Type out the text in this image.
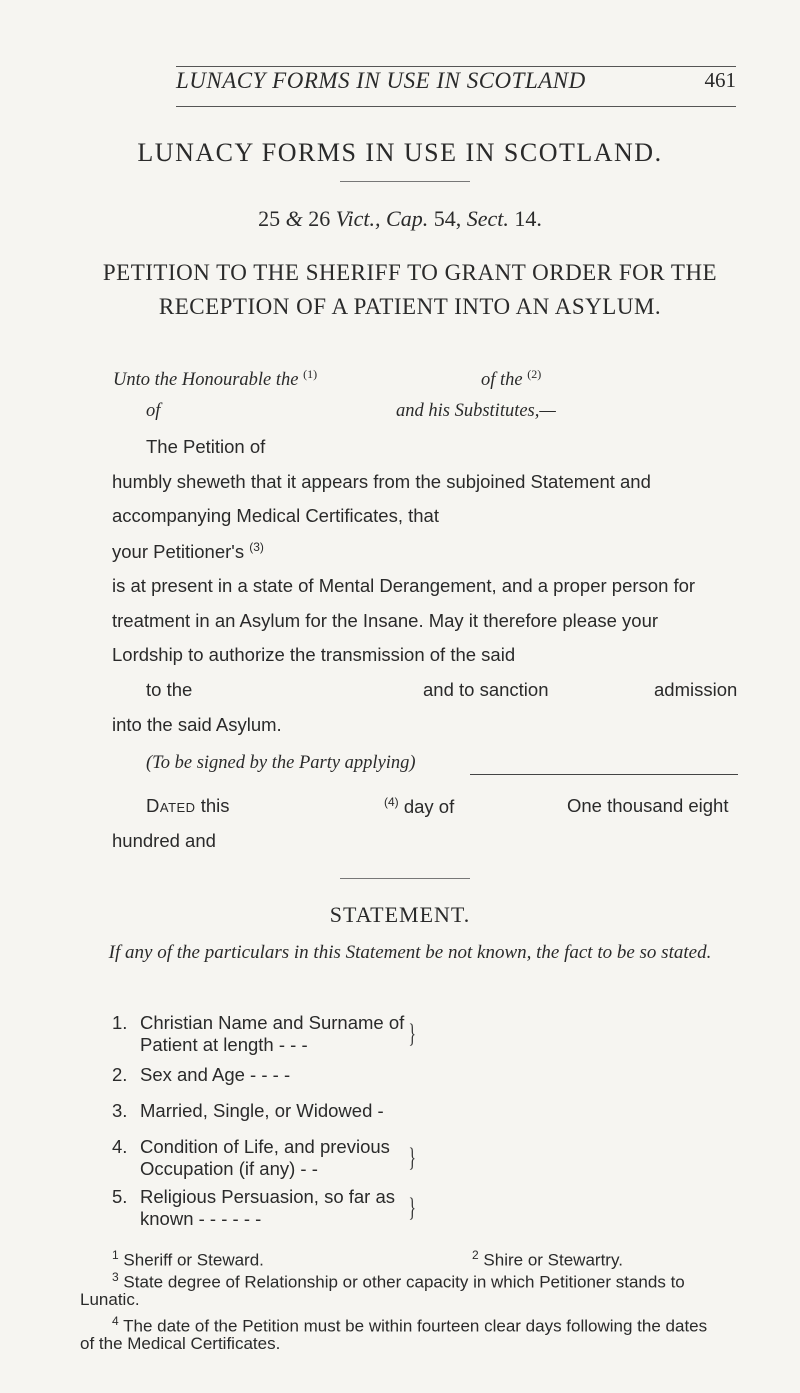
LUNACY FORMS IN USE IN SCOTLAND	461
LUNACY FORMS IN USE IN SCOTLAND.
25 & 26 Vict., Cap. 54, Sect. 14.
PETITION TO THE SHERIFF TO GRANT ORDER FOR THE RECEPTION OF A PATIENT INTO AN ASYLUM.
Unto the Honourable the $^{(1)}$	of the $^{(2)}$
of	and his Substitutes,—
The Petition of
humbly sheweth that it appears from the subjoined Statement and
accompanying Medical Certificates, that
your Petitioner's $^{(3)}$
is at present in a state of Mental Derangement, and a proper person for
treatment in an Asylum for the Insane. May it therefore please your
Lordship to authorize the transmission of the said
to the	and to sanction	admission
into the said Asylum.
(To be signed by the Party applying)
Dated this	$^{(4)}$ day of	One thousand eight
hundred and
STATEMENT.
If any of the particulars in this Statement be not known, the fact to be so stated.
1. Christian Name and Surname of
Patient at length - - -	}
2. Sex and Age - - - -
3. Married, Single, or Widowed -
4. Condition of Life, and previous
Occupation (if any) - -	}
5. Religious Persuasion, so far as
known - - - - - -	}
$^1$ Sheriff or Steward.	$^2$ Shire or Stewartry.
$^3$ State degree of Relationship or other capacity in which Petitioner stands to
Lunatic.
$^4$ The date of the Petition must be within fourteen clear days following the dates
of the Medical Certificates.
